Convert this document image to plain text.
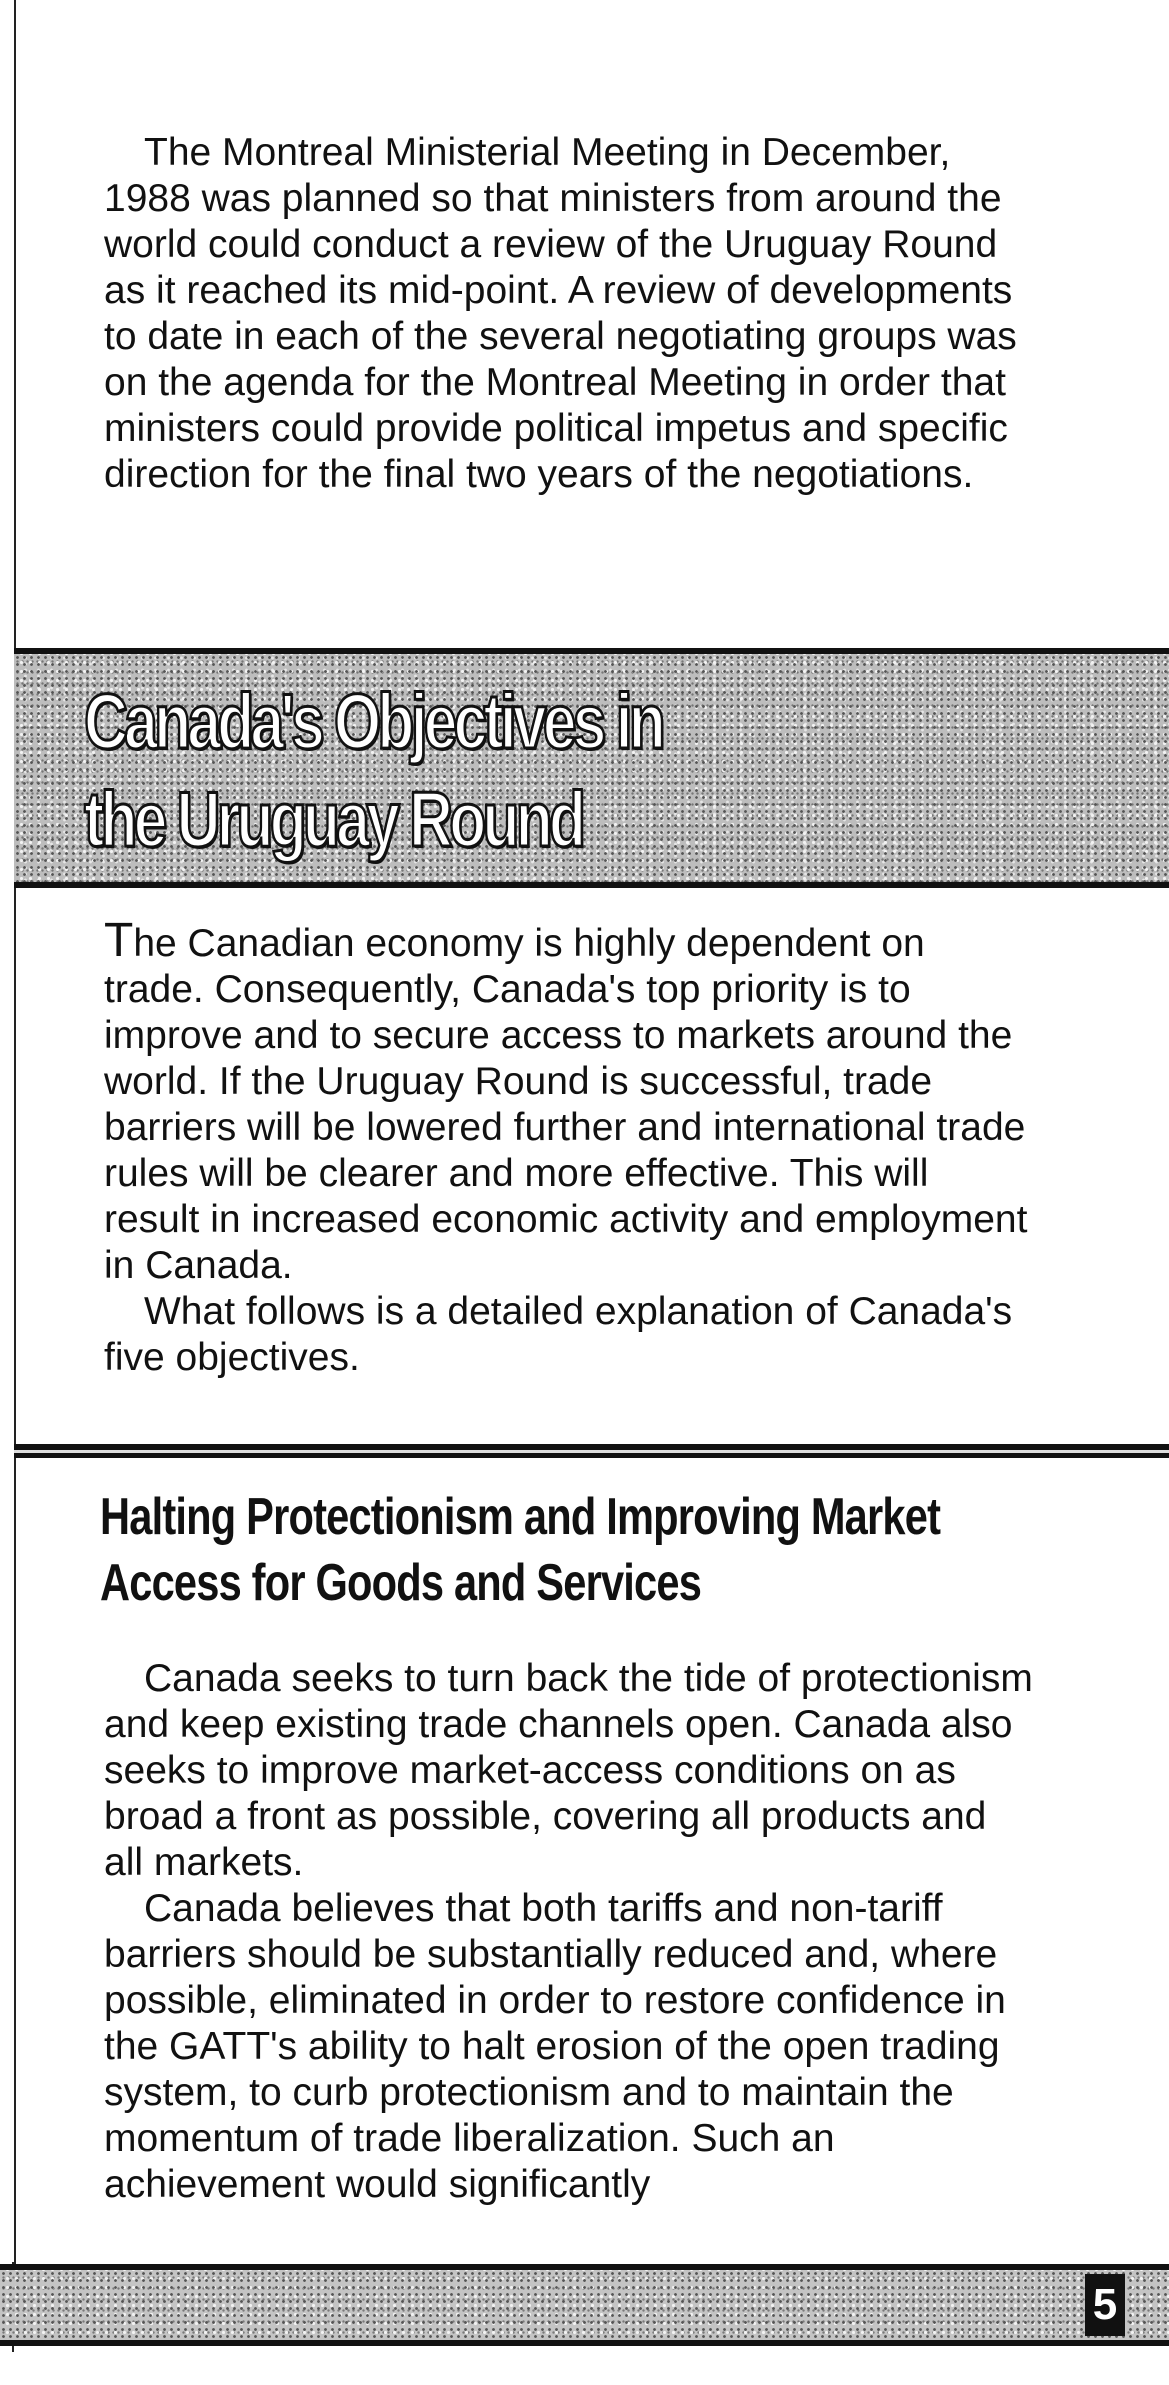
The Montreal Ministerial Meeting in December, 1988 was planned so that ministers from around the world could conduct a review of the Uruguay Round as it reached its mid-point. A review of developments to date in each of the several negotiating groups was on the agenda for the Montreal Meeting in order that ministers could provide political impetus and specific direction for the final two years of the negotiations.

Canada's Objectives in
the Uruguay Round

The Canadian economy is highly dependent on trade. Consequently, Canada's top priority is to improve and to secure access to markets around the world. If the Uruguay Round is successful, trade barriers will be lowered further and international trade rules will be clearer and more effective. This will result in increased economic activity and employment in Canada.

What follows is a detailed explanation of Canada's five objectives.

Halting Protectionism and Improving Market
Access for Goods and Services

Canada seeks to turn back the tide of protectionism and keep existing trade channels open. Canada also seeks to improve market-access conditions on as broad a front as possible, covering all products and all markets.

Canada believes that both tariffs and non-tariff barriers should be substantially reduced and, where possible, eliminated in order to restore confidence in the GATT's ability to halt erosion of the open trading system, to curb protectionism and to maintain the momentum of trade liberalization. Such an achievement would significantly

5
